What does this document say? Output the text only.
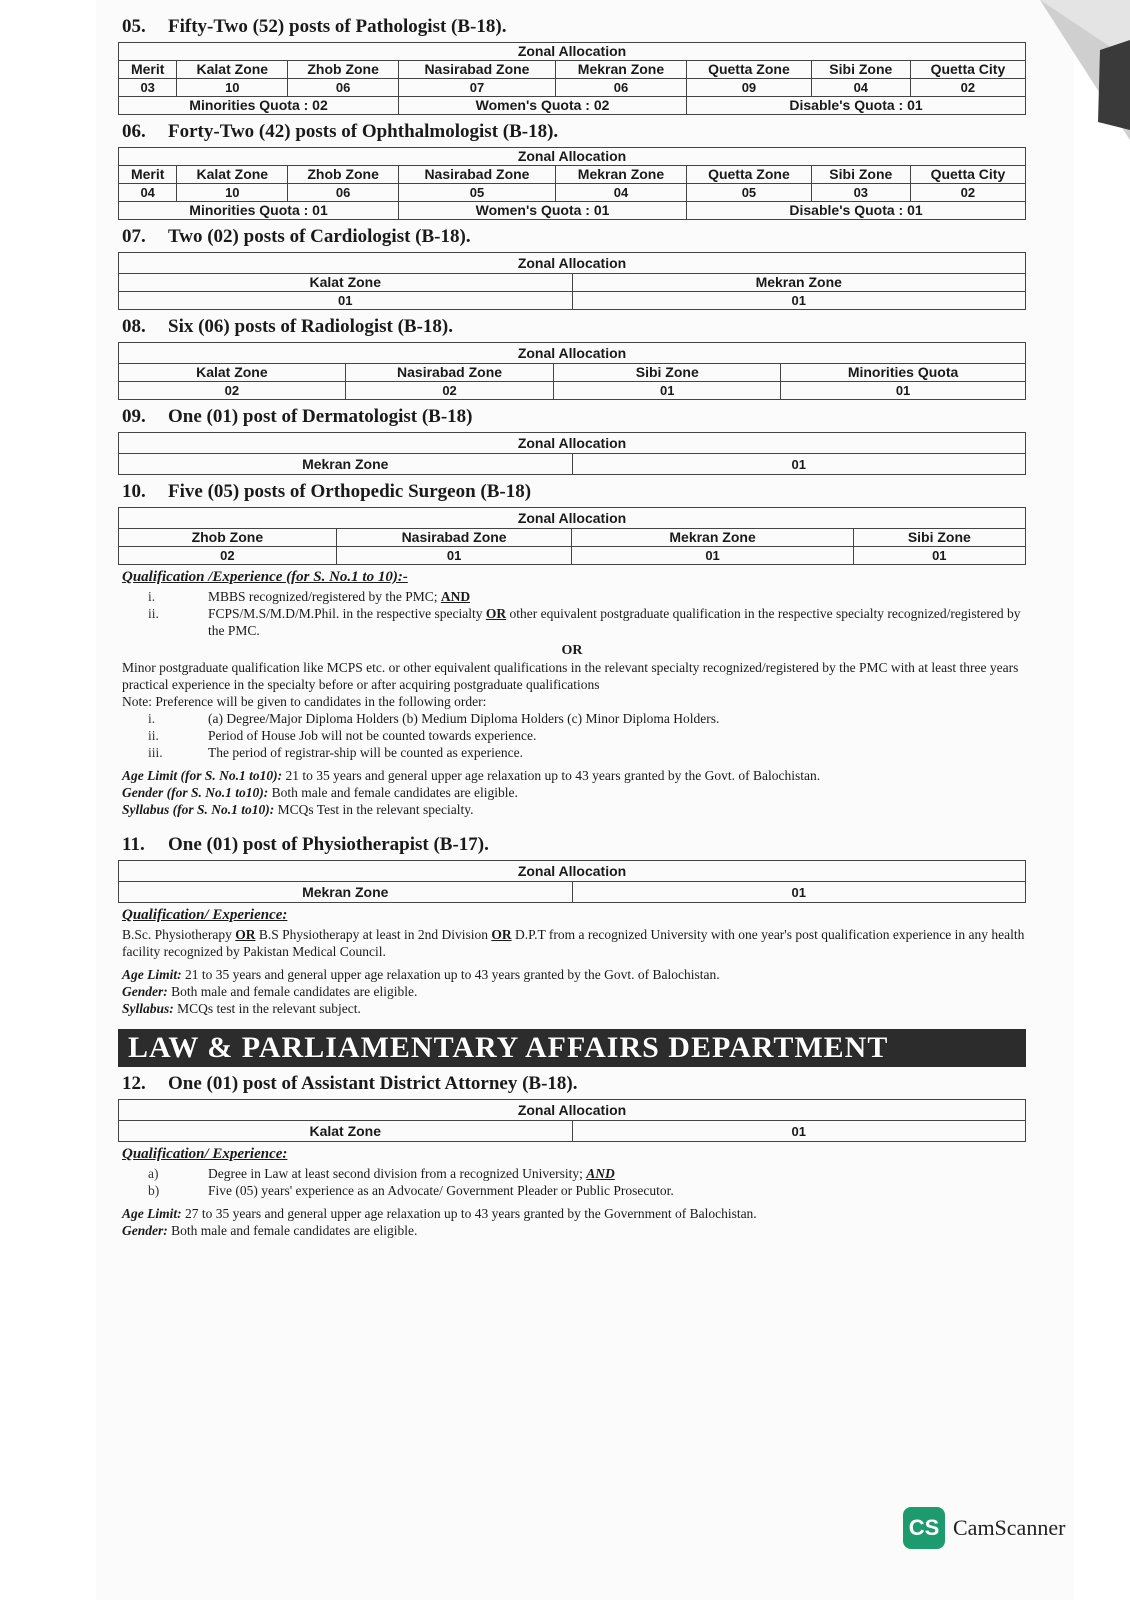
05. Fifty-Two (52) posts of Pathologist (B-18).
Zonal Allocation							
Merit	Kalat Zone	Zhob Zone	Nasirabad Zone	Mekran Zone	Quetta Zone	Sibi Zone	Quetta City
03	10	06	07	06	09	04	02
Minorities Quota : 02			Women's Quota : 02		Disable's Quota : 01		
06. Forty-Two (42) posts of Ophthalmologist (B-18).
Zonal Allocation							
Merit	Kalat Zone	Zhob Zone	Nasirabad Zone	Mekran Zone	Quetta Zone	Sibi Zone	Quetta City
04	10	06	05	04	05	03	02
Minorities Quota : 01			Women's Quota : 01		Disable's Quota : 01		
07. Two (02) posts of Cardiologist (B-18).
Zonal Allocation	
Kalat Zone	Mekran Zone
01	01
08. Six (06) posts of Radiologist (B-18).
Zonal Allocation			
Kalat Zone	Nasirabad Zone	Sibi Zone	Minorities Quota
02	02	01	01
09. One (01) post of Dermatologist (B-18)
Zonal Allocation
Mekran Zone	01
10. Five (05) posts of Orthopedic Surgeon (B-18)
Zonal Allocation			
Zhob Zone	Nasirabad Zone	Mekran Zone	Sibi Zone
02	01	01	01
Qualification /Experience (for S. No.1 to 10):-
i.	MBBS recognized/registered by the PMC; AND
ii.	FCPS/M.S/M.D/M.Phil. in the respective specialty OR other equivalent postgraduate qualification in the respective specialty recognized/registered by the PMC.
OR

Minor postgraduate qualification like MCPS etc. or other equivalent qualifications in the relevant specialty recognized/registered by the PMC with at least three years practical experience in the specialty before or after acquiring postgraduate qualifications

Note: Preference will be given to candidates in the following order:

i.	(a) Degree/Major Diploma Holders (b) Medium Diploma Holders (c) Minor Diploma Holders.
ii.	Period of House Job will not be counted towards experience.
iii.	The period of registrar-ship will be counted as experience.

Age Limit (for S. No.1 to10): 21 to 35 years and general upper age relaxation up to 43 years granted by the Govt. of Balochistan.

Gender (for S. No.1 to10): Both male and female candidates are eligible.

Syllabus (for S. No.1 to10): MCQs Test in the relevant specialty.

11. One (01) post of Physiotherapist (B-17).
Zonal Allocation
Mekran Zone	01
Qualification/ Experience:

B.Sc. Physiotherapy OR B.S Physiotherapy at least in 2nd Division OR D.P.T from a recognized University with one year's post qualification experience in any health facility recognized by Pakistan Medical Council.

Age Limit: 21 to 35 years and general upper age relaxation up to 43 years granted by the Govt. of Balochistan.

Gender: Both male and female candidates are eligible.

Syllabus: MCQs test in the relevant subject.

LAW & PARLIAMENTARY AFFAIRS DEPARTMENT
12. One (01) post of Assistant District Attorney (B-18).
Zonal Allocation
Kalat Zone	01
Qualification/ Experience:
a)	Degree in Law at least second division from a recognized University; AND
b)	Five (05) years' experience as an Advocate/ Government Pleader or Public Prosecutor.

Age Limit: 27 to 35 years and general upper age relaxation up to 43 years granted by the Government of Balochistan.

Gender: Both male and female candidates are eligible.

CS CamScanner
